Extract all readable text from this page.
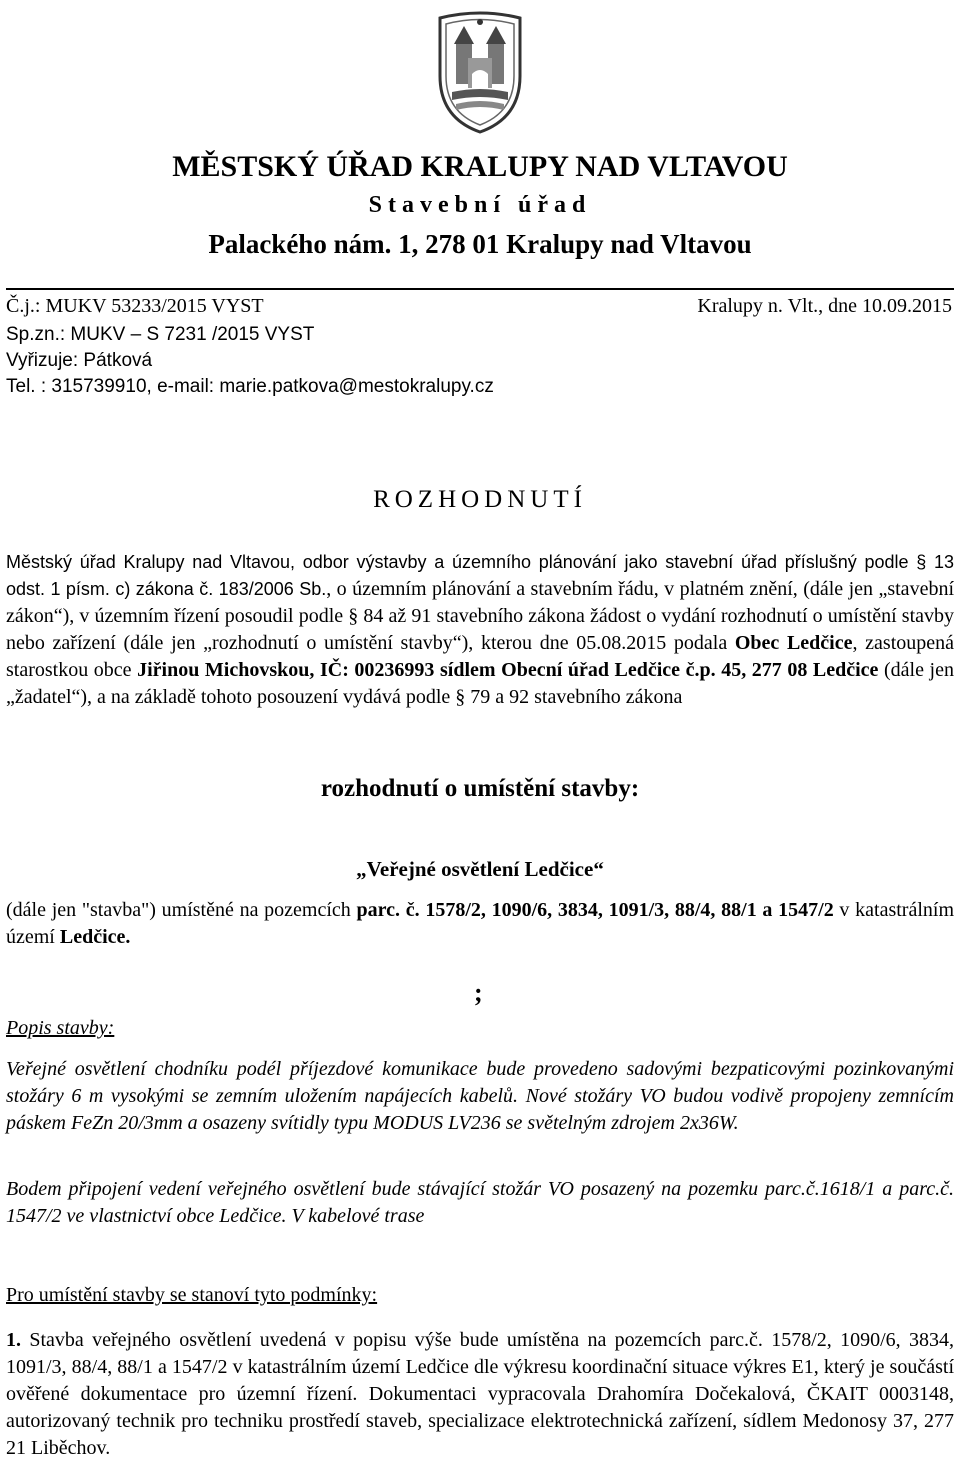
MĚSTSKÝ ÚŘAD KRALUPY NAD VLTAVOU
Stavební úřad
Palackého nám. 1, 278 01 Kralupy nad Vltavou
Č.j.: MUKV 53233/2015 VYST	Kralupy n. Vlt., dne 10.09.2015
Sp.zn.: MUKV – S 7231 /2015 VYST
Vyřizuje: Pátková
Tel. : 315739910, e-mail: marie.patkova@mestokralupy.cz
ROZHODNUTÍ
Městský úřad Kralupy nad Vltavou, odbor výstavby a územního plánování jako stavební úřad příslušný podle § 13 odst. 1 písm. c) zákona č. 183/2006 Sb., o územním plánování a stavebním řádu, v platném znění, (dále jen „stavební zákon“), v územním řízení posoudil podle § 84 až 91 stavebního zákona žádost o vydání rozhodnutí o umístění stavby nebo zařízení (dále jen „rozhodnutí o umístění stavby“), kterou dne 05.08.2015 podala Obec Ledčice, zastoupená starostkou obce Jiřinou Michovskou, IČ: 00236993 sídlem Obecní úřad Ledčice č.p. 45, 277 08 Ledčice (dále jen „žadatel“), a na základě tohoto posouzení vydává podle § 79 a 92 stavebního zákona
rozhodnutí o umístění stavby:
„Veřejné osvětlení Ledčice“
(dále jen "stavba") umístěné na pozemcích parc. č. 1578/2, 1090/6, 3834, 1091/3, 88/4, 88/1 a 1547/2 v katastrálním území Ledčice.
;
Popis stavby:
Veřejné osvětlení chodníku podél příjezdové komunikace bude provedeno sadovými bezpaticovými pozinkovanými stožáry 6 m vysokými se zemním uložením napájecích kabelů. Nové stožáry VO budou vodivě propojeny zemnícím páskem FeZn 20/3mm a osazeny svítidly typu MODUS LV236 se světelným zdrojem 2x36W.
Bodem připojení vedení veřejného osvětlení bude stávající stožár VO posazený na pozemku parc.č.1618/1 a parc.č. 1547/2 ve vlastnictví obce Ledčice. V kabelové trase
Pro umístění stavby se stanoví tyto podmínky:
1. Stavba veřejného osvětlení uvedená v popisu výše bude umístěna na pozemcích parc.č. 1578/2, 1090/6, 3834, 1091/3, 88/4, 88/1 a 1547/2 v katastrálním území Ledčice dle výkresu koordinační situace výkres E1, který je součástí ověřené dokumentace pro územní řízení. Dokumentaci vypracovala Drahomíra Dočekalová, ČKAIT 0003148, autorizovaný technik pro techniku prostředí staveb, specializace elektrotechnická zařízení, sídlem Medonosy 37, 277 21 Liběchov.
